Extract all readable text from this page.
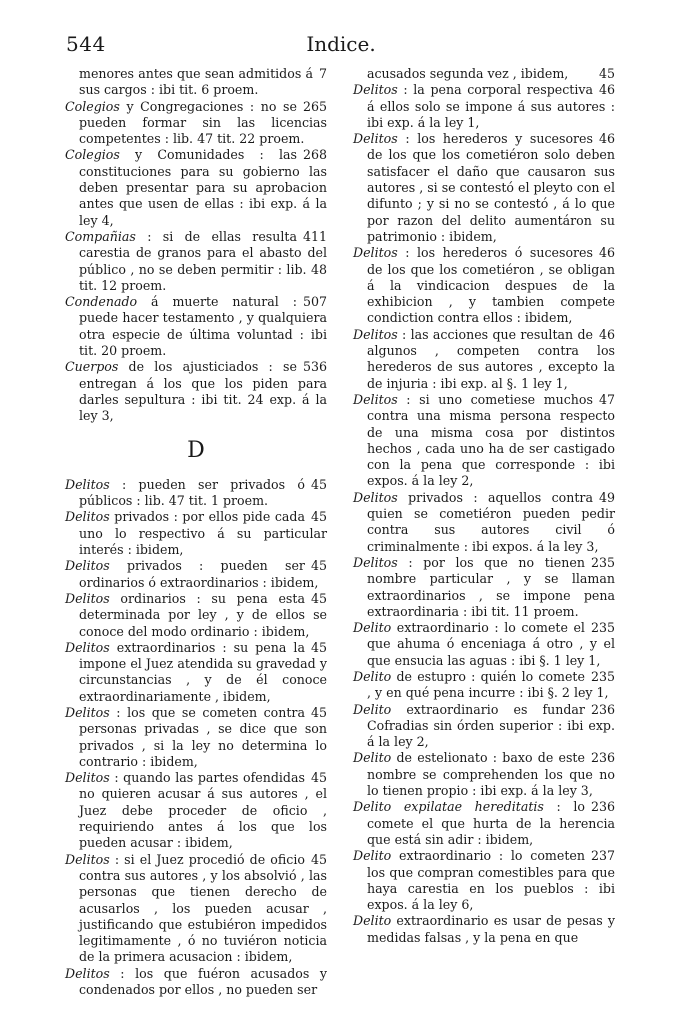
544	Indice.
7
menores antes que sean admitidos á sus cargos : ibi tit. 6 proem.
265
Colegios y Congregaciones : no se pueden formar sin las licencias competentes : lib. 47 tit. 22 proem.
268
Colegios y Comunidades : las constituciones para su gobierno las deben presentar para su aprobacion antes que usen de ellas : ibi exp. á la ley 4,
411
Compañias : si de ellas resulta carestia de granos para el abasto del público , no se deben permitir : lib. 48 tit. 12 proem.
507
Condenado á muerte natural : puede hacer testamento , y qualquiera otra especie de última voluntad : ibi tit. 20 proem.
536
Cuerpos de los ajusticiados : se entregan á los que los piden para darles sepultura : ibi tit. 24 exp. á la ley 3,
D
45
Delitos : pueden ser privados ó públicos : lib. 47 tit. 1 proem.
45
Delitos privados : por ellos pide cada uno lo respectivo á su particular interés : ibidem,
45
Delitos privados : pueden ser ordinarios ó extraordinarios : ibidem,
45
Delitos ordinarios : su pena esta determinada por ley , y de ellos se conoce del modo ordinario : ibidem,
45
Delitos extraordinarios : su pena la impone el Juez atendida su gravedad y circunstancias , y de él conoce extraordinariamente , ibidem,
45
Delitos : los que se cometen contra personas privadas , se dice que son privados , si la ley no determina lo contrario : ibidem,
45
Delitos : quando las partes ofendidas no quieren acusar á sus autores , el Juez debe proceder de oficio , requiriendo antes á los que los pueden acusar : ibidem,
45
Delitos : si el Juez procedió de oficio contra sus autores , y los absolvió , las personas que tienen derecho de acusarlos , los pueden acusar , justificando que estubiéron impedidos legitimamente , ó no tuviéron noticia de la primera acusacion : ibidem,
Delitos : los que fuéron acusados y condenados por ellos , no pueden ser
45
acusados segunda vez , ibidem,
46
Delitos : la pena corporal respectiva á ellos solo se impone á sus autores : ibi exp. á la ley 1,
46
Delitos : los herederos y sucesores de los que los cometiéron solo deben satisfacer el daño que causaron sus autores , si se contestó el pleyto con el difunto ; y si no se contestó , á lo que por razon del delito aumentáron su patrimonio : ibidem,
46
Delitos : los herederos ó sucesores de los que los cometiéron , se obligan á la vindicacion despues de la exhibicion , y tambien compete condiction contra ellos : ibidem,
46
Delitos : las acciones que resultan de algunos , competen contra los herederos de sus autores , excepto la de injuria : ibi exp. al §. 1 ley 1,
47
Delitos : si uno cometiese muchos contra una misma persona respecto de una misma cosa por distintos hechos , cada uno ha de ser castigado con la pena que corresponde : ibi expos. á la ley 2,
49
Delitos privados : aquellos contra quien se cometiéron pueden pedir contra sus autores civil ó criminalmente : ibi expos. á la ley 3,
235
Delitos : por los que no tienen nombre particular , y se llaman extraordinarios , se impone pena extraordinaria : ibi tit. 11 proem.
235
Delito extraordinario : lo comete el que ahuma ó enceniaga á otro , y el que ensucia las aguas : ibi §. 1 ley 1,
235
Delito de estupro : quién lo comete , y en qué pena incurre : ibi §. 2 ley 1,
236
Delito extraordinario es fundar Cofradias sin órden superior : ibi exp. á la ley 2,
236
Delito de estelionato : baxo de este nombre se comprehenden los que no lo tienen propio : ibi exp. á la ley 3,
236
Delito expilatae hereditatis : lo comete el que hurta de la herencia que está sin adir : ibidem,
237
Delito extraordinario : lo cometen los que compran comestibles para que haya carestia en los pueblos : ibi expos. á la ley 6,
Delito extraordinario es usar de pesas y medidas falsas , y la pena en que
